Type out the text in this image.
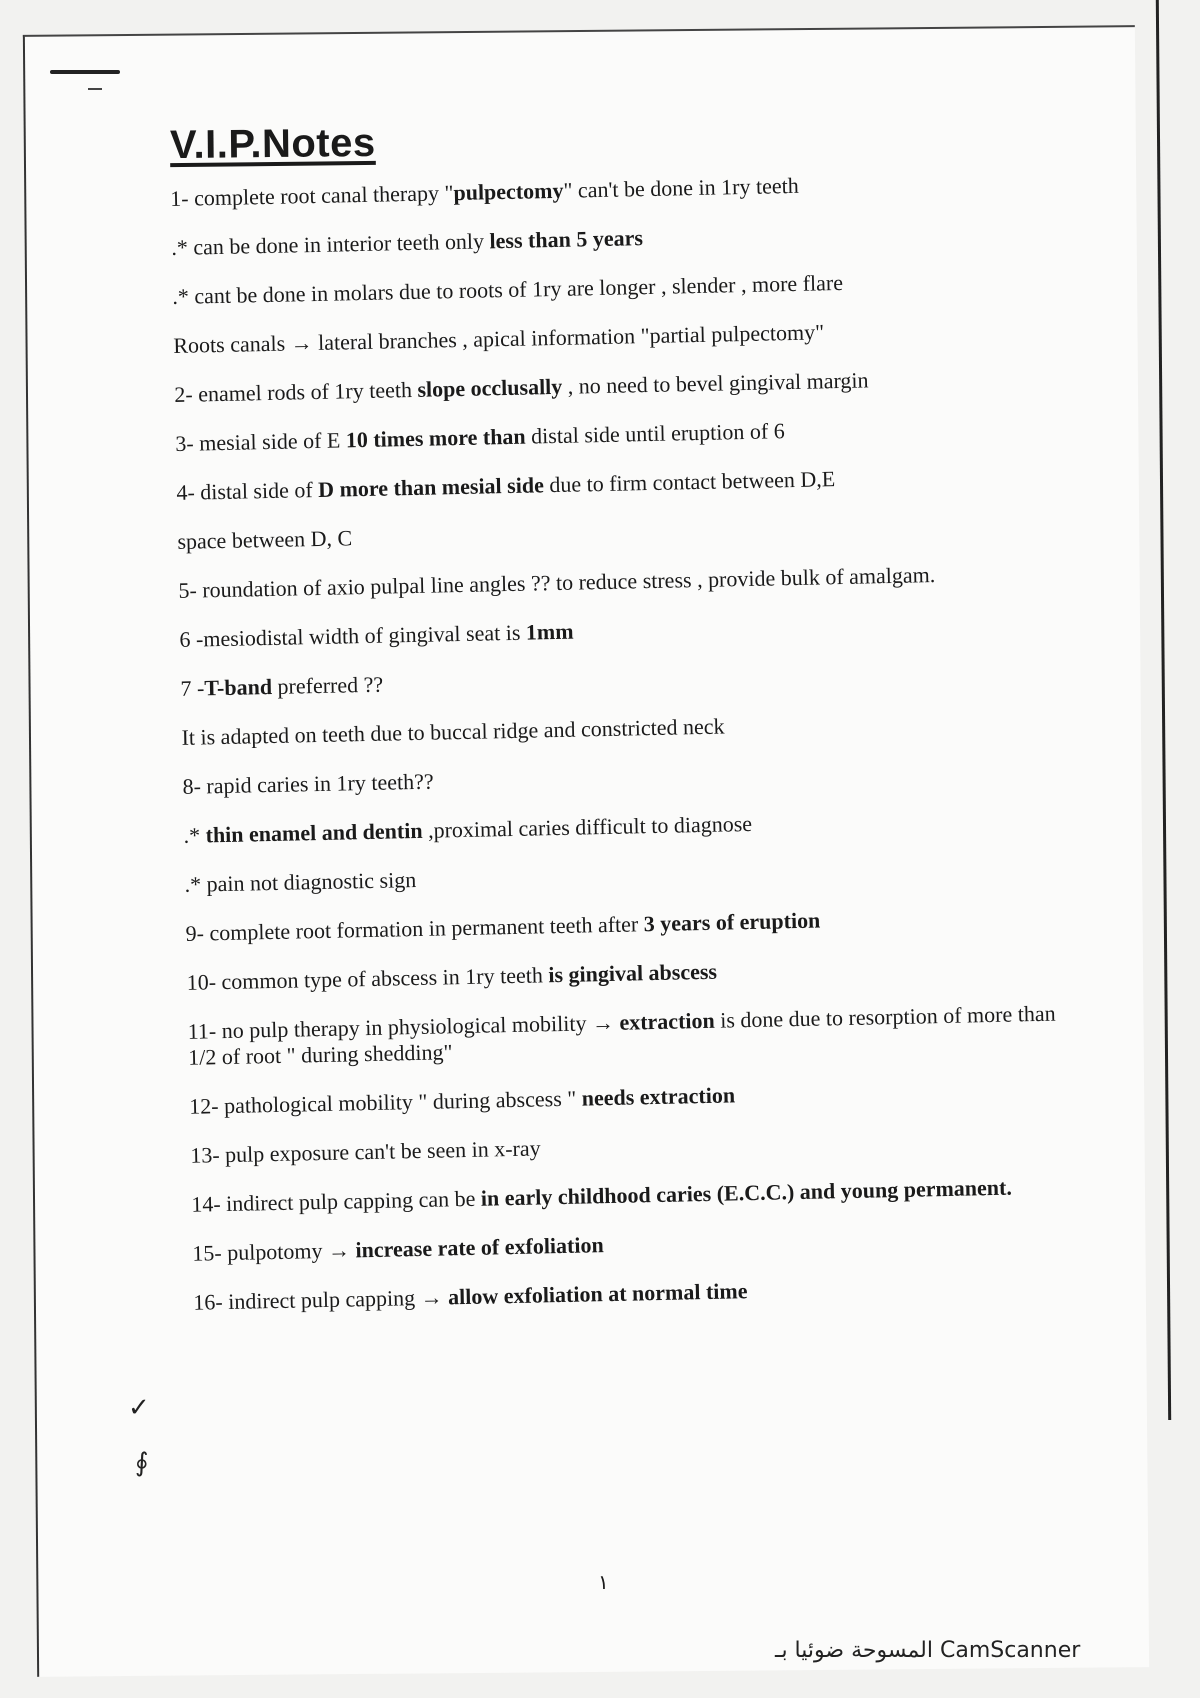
V.I.P.Notes
1- complete root canal therapy "pulpectomy" can't be done in 1ry teeth
.* can be done in interior teeth only less than 5 years
.* cant be done in molars due to roots of 1ry are longer , slender , more flare
Roots canals → lateral branches , apical information "partial pulpectomy"
2- enamel rods of 1ry teeth slope occlusally , no need to bevel gingival margin
3- mesial side of E 10 times more than distal side until eruption of 6
4- distal side of D more than mesial side due to firm contact between D,E
space between D, C
5- roundation of axio pulpal line angles ?? to reduce stress , provide bulk of amalgam.
6 -mesiodistal width of gingival seat is 1mm
7 -T-band preferred ??
It is adapted on teeth due to buccal ridge and constricted neck
8- rapid caries in 1ry teeth??
.* thin enamel and dentin ,proximal caries difficult to diagnose
.* pain not diagnostic sign
9- complete root formation in permanent teeth after 3 years of eruption
10- common type of abscess in 1ry teeth is gingival abscess
11- no pulp therapy in physiological mobility → extraction is done due to resorption of more than 1/2 of root " during shedding"
12- pathological mobility " during abscess " needs extraction
13- pulp exposure can't be seen in x-ray
14- indirect pulp capping can be in early childhood caries (E.C.C.) and young permanent.
15- pulpotomy → increase rate of exfoliation
16- indirect pulp capping → allow exfoliation at normal time
✓
∮
١
المسوحة ضوئيا بـ CamScanner
